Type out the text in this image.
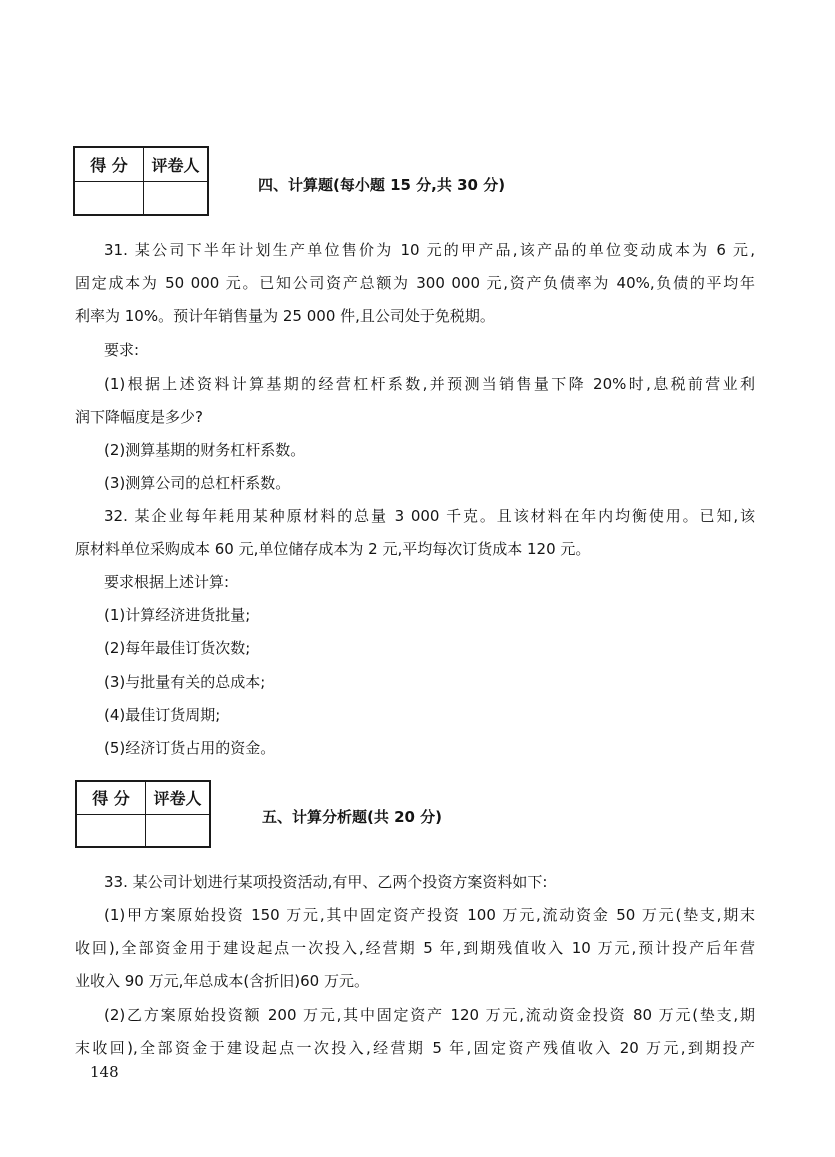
得 分	评卷人

四、计算题(每小题 15 分,共 30 分)
31. 某公司下半年计划生产单位售价为 10 元的甲产品,该产品的单位变动成本为 6 元,
固定成本为 50 000 元。已知公司资产总额为 300 000 元,资产负债率为 40%,负债的平均年
利率为 10%。预计年销售量为 25 000 件,且公司处于免税期。
要求:
(1)根据上述资料计算基期的经营杠杆系数,并预测当销售量下降 20%时,息税前营业利
润下降幅度是多少?
(2)测算基期的财务杠杆系数。
(3)测算公司的总杠杆系数。
32. 某企业每年耗用某种原材料的总量 3 000 千克。且该材料在年内均衡使用。已知,该
原材料单位采购成本 60 元,单位储存成本为 2 元,平均每次订货成本 120 元。
要求根据上述计算:
(1)计算经济进货批量;
(2)每年最佳订货次数;
(3)与批量有关的总成本;
(4)最佳订货周期;
(5)经济订货占用的资金。
得 分	评卷人

五、计算分析题(共 20 分)
33. 某公司计划进行某项投资活动,有甲、乙两个投资方案资料如下:
(1)甲方案原始投资 150 万元,其中固定资产投资 100 万元,流动资金 50 万元(垫支,期末
收回),全部资金用于建设起点一次投入,经营期 5 年,到期残值收入 10 万元,预计投产后年营
业收入 90 万元,年总成本(含折旧)60 万元。
(2)乙方案原始投资额 200 万元,其中固定资产 120 万元,流动资金投资 80 万元(垫支,期
末收回),全部资金于建设起点一次投入,经营期 5 年,固定资产残值收入 20 万元,到期投产
148
